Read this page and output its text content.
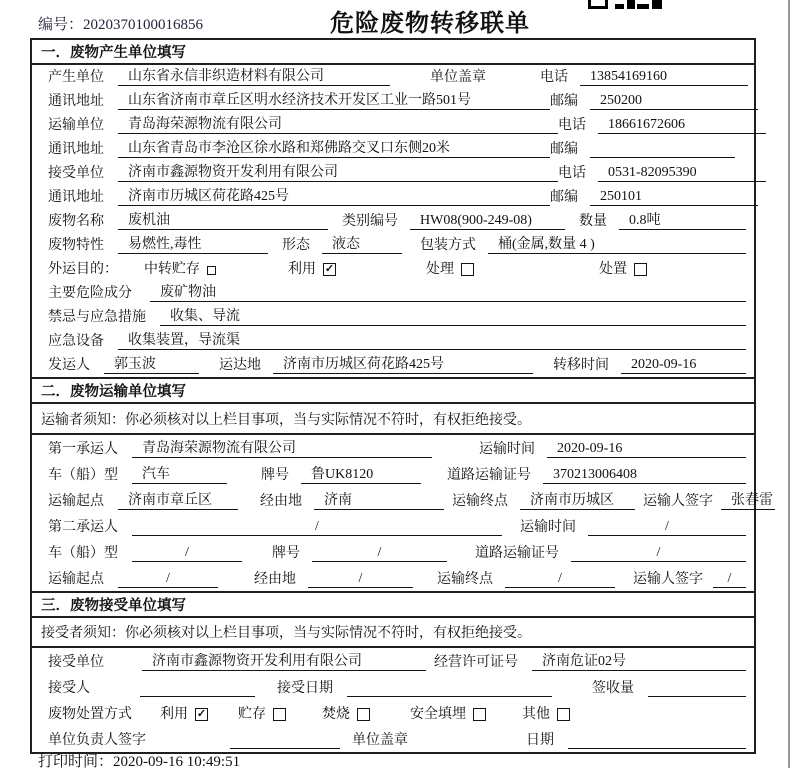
编号：2020370100016856	危险废物转移联单
一．废物产生单位填写
产生单位	山东省永信非织造材料有限公司	单位盖章	电话	13854169160
通讯地址	山东省济南市章丘区明水经济技术开发区工业一路501号	邮编	250200
运输单位	青岛海荣源物流有限公司	电话	18661672606
通讯地址	山东省青岛市李沧区徐水路和郑佛路交叉口东侧20米	邮编
接受单位	济南市鑫源物资开发利用有限公司	电话	0531-82095390
通讯地址	济南市历城区荷花路425号	邮编	250101
废物名称	废机油	类别编号	HW08(900-249-08)	数量	0.8吨
废物特性	易燃性,毒性	形态	液态	包装方式	桶(金属,数量 4 )
外运目的： 中转贮存	利用 ✓	处理	处置
主要危险成分	废矿物油
禁忌与应急措施	收集、导流
应急设备	收集装置，导流渠
发运人	郭玉波	运达地	济南市历城区荷花路425号	转移时间	2020-09-16
二．废物运输单位填写
运输者须知：你必须核对以上栏目事项，当与实际情况不符时，有权拒绝接受。
第一承运人	青岛海荣源物流有限公司	运输时间	2020-09-16
车（船）型	汽车	牌号	鲁UK8120	道路运输证号	370213006408
运输起点	济南市章丘区	经由地	济南	运输终点	济南市历城区	运输人签字	张春雷
第二承运人	/	运输时间	/
车（船）型	/	牌号	/	道路运输证号	/
运输起点	/	经由地	/	运输终点	/	运输人签字	/
三．废物接受单位填写
接受者须知：你必须核对以上栏目事项，当与实际情况不符时，有权拒绝接受。
接受单位	济南市鑫源物资开发利用有限公司	经营许可证号	济南危证02号
接受人	接受日期	签收量
废物处置方式 利用 ✓ 贮存	焚烧	安全填埋	其他
单位负责人签字	单位盖章	日期
打印时间：2020-09-16 10:49:51
